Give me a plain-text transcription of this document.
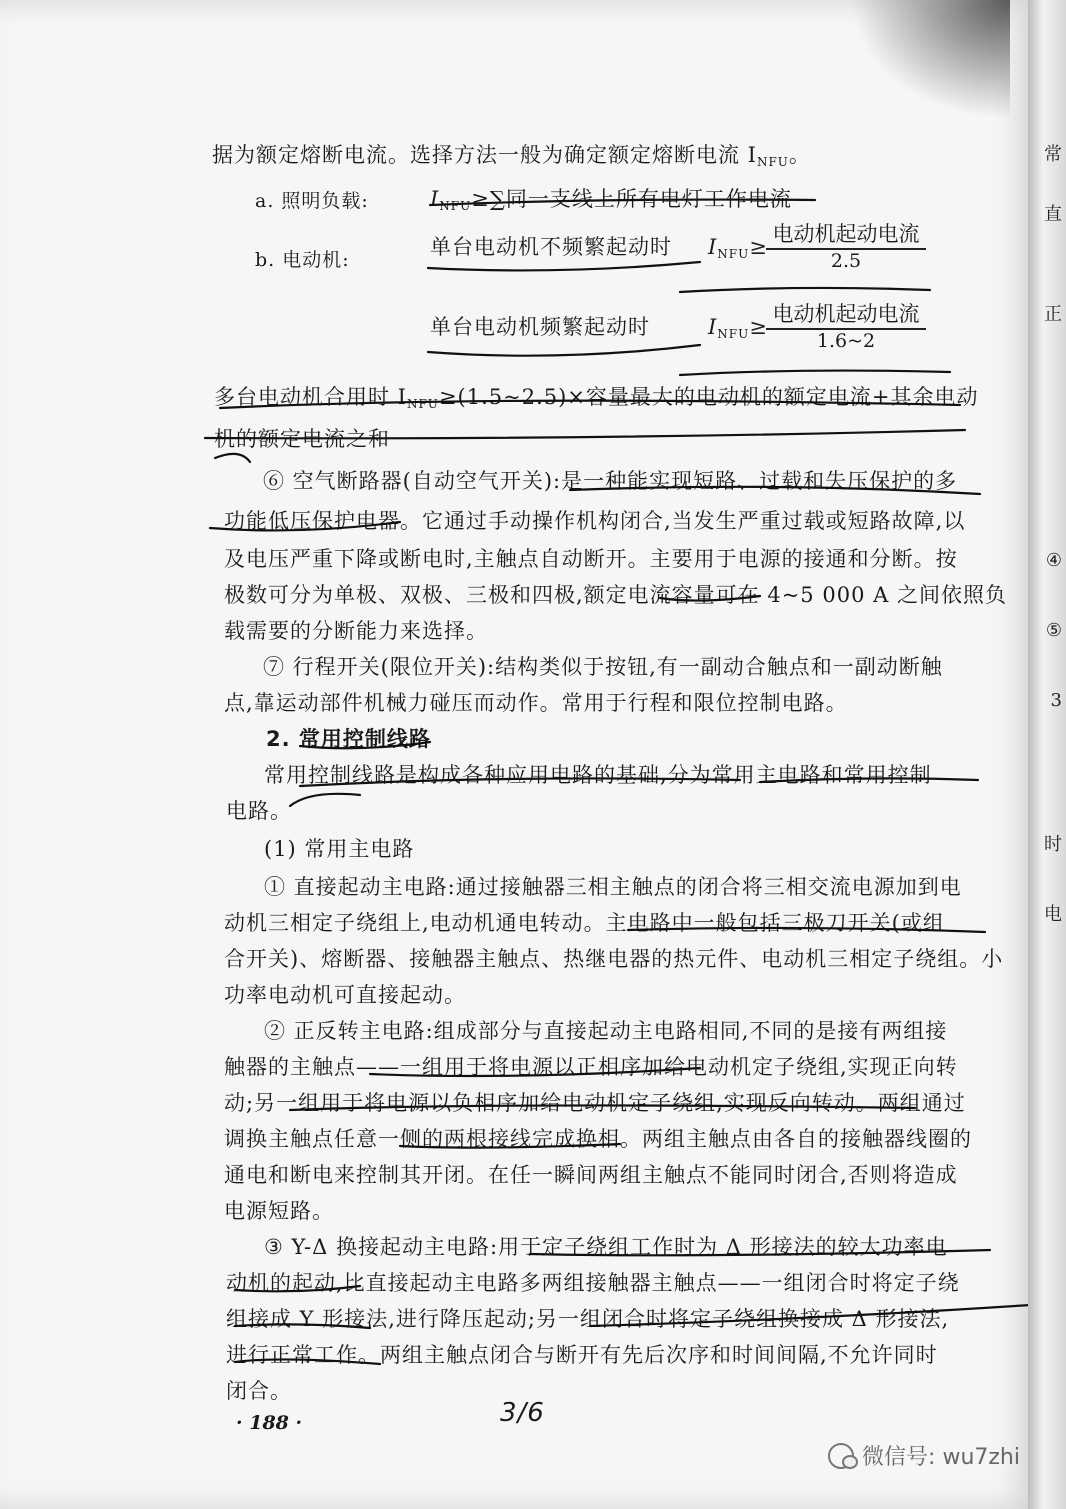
据为额定熔断电流。选择方法一般为确定额定熔断电流 $I_{NFU}$。
a. 照明负载:	$I_{NFU}\ge\sum$同一支线上所有电灯工作电流
b. 电动机:
单台电动机不频繁起动时 $I_{NFU}\ge$
电动机起动电流
2.5
单台电动机频繁起动时	$I_{NFU}\ge$
电动机起动电流
1.6~2
多台电动机合用时 $I_{NFU}\ge(1.5\sim 2.5)\times$容量最大的电动机的额定电流+其余电动
机的额定电流之和
⑥ 空气断路器(自动空气开关):是一种能实现短路、过载和失压保护的多
功能低压保护电器。它通过手动操作机构闭合,当发生严重过载或短路故障,以
及电压严重下降或断电时,主触点自动断开。主要用于电源的接通和分断。按
极数可分为单极、双极、三极和四极,额定电流容量可在 4~5 000 A 之间依照负
载需要的分断能力来选择。
⑦ 行程开关(限位开关):结构类似于按钮,有一副动合触点和一副动断触
点,靠运动部件机械力碰压而动作。常用于行程和限位控制电路。
2. 常用控制线路
常用控制线路是构成各种应用电路的基础,分为常用主电路和常用控制
电路。
(1) 常用主电路
① 直接起动主电路:通过接触器三相主触点的闭合将三相交流电源加到电
动机三相定子绕组上,电动机通电转动。主电路中一般包括三极刀开关(或组
合开关)、熔断器、接触器主触点、热继电器的热元件、电动机三相定子绕组。小
功率电动机可直接起动。
② 正反转主电路:组成部分与直接起动主电路相同,不同的是接有两组接
触器的主触点——一组用于将电源以正相序加给电动机定子绕组,实现正向转
动;另一组用于将电源以负相序加给电动机定子绕组,实现反向转动。两组通过
调换主触点任意一侧的两根接线完成换相。两组主触点由各自的接触器线圈的
通电和断电来控制其开闭。在任一瞬间两组主触点不能同时闭合,否则将造成
电源短路。
③ Y-Δ 换接起动主电路:用于定子绕组工作时为 Δ 形接法的较大功率电
动机的起动,比直接起动主电路多两组接触器主触点——一组闭合时将定子绕
组接成 Y 形接法,进行降压起动;另一组闭合时将定子绕组换接成 Δ 形接法,
进行正常工作。两组主触点闭合与断开有先后次序和时间间隔,不允许同时
闭合。
· 188 ·	3/6
微信号: wu7zhi
常
直
正
④
⑤
3
时
电
